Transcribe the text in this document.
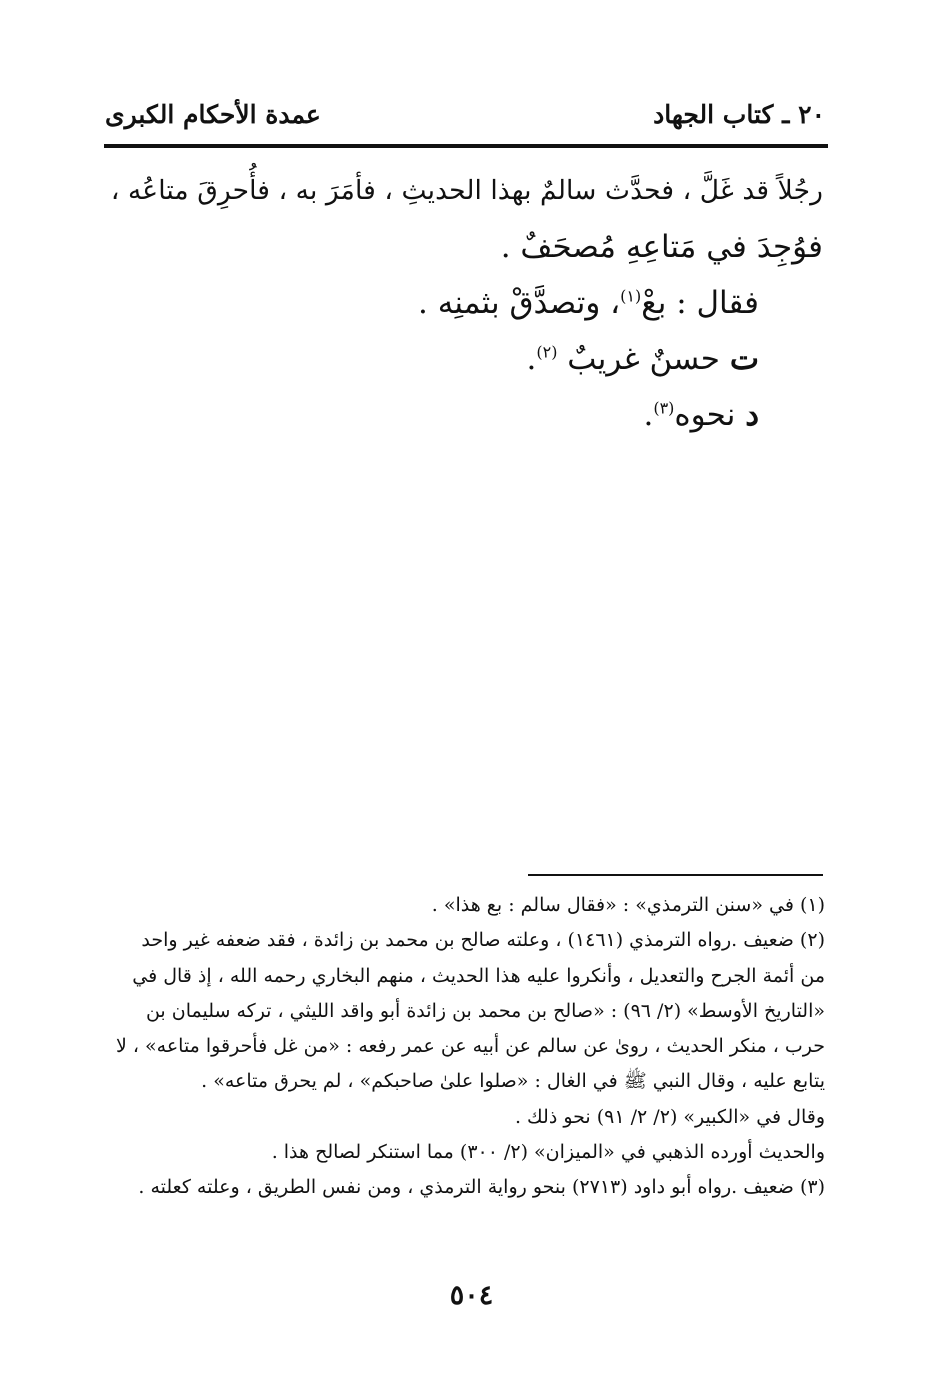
٢٠ ـ كتاب الجهاد
عمدة الأحكام الكبرى
رجُلاً قد غَلَّ ، فحدَّث سالمٌ بهذا الحديثِ ، فأمَرَ به ، فأُحرِقَ متاعُه ،
فوُجِدَ في مَتاعِهِ مُصحَفٌ .
فقال : بعْ$^{(١)}$، وتصدَّقْ بثمنِه .
ت حسنٌ غريبٌ $^{(٢)}$.
د نحوه$^{(٣)}$.
(١) في «سنن الترمذي» : «فقال سالم : بع هذا» .
(٢) ضعيف .رواه الترمذي (١٤٦١) ، وعلته صالح بن محمد بن زائدة ، فقد ضعفه غير واحد
من أئمة الجرح والتعديل ، وأنكروا عليه هذا الحديث ، منهم البخاري رحمه الله ، إذ قال في
«التاريخ الأوسط» (٢/ ٩٦) : «صالح بن محمد بن زائدة أبو واقد الليثي ، تركه سليمان بن
حرب ، منكر الحديث ، روىٰ عن سالم عن أبيه عن عمر رفعه : «من غل فأحرقوا متاعه» ، لا
يتابع عليه ، وقال النبي ﷺ في الغال : «صلوا علىٰ صاحبكم» ، لم يحرق متاعه» .
وقال في «الكبير» (٢/ ٢/ ٩١) نحو ذلك .
والحديث أورده الذهبي في «الميزان» (٢/ ٣٠٠) مما استنكر لصالح هذا .
(٣) ضعيف .رواه أبو داود (٢٧١٣) بنحو رواية الترمذي ، ومن نفس الطريق ، وعلته كعلته .
٥٠٤
